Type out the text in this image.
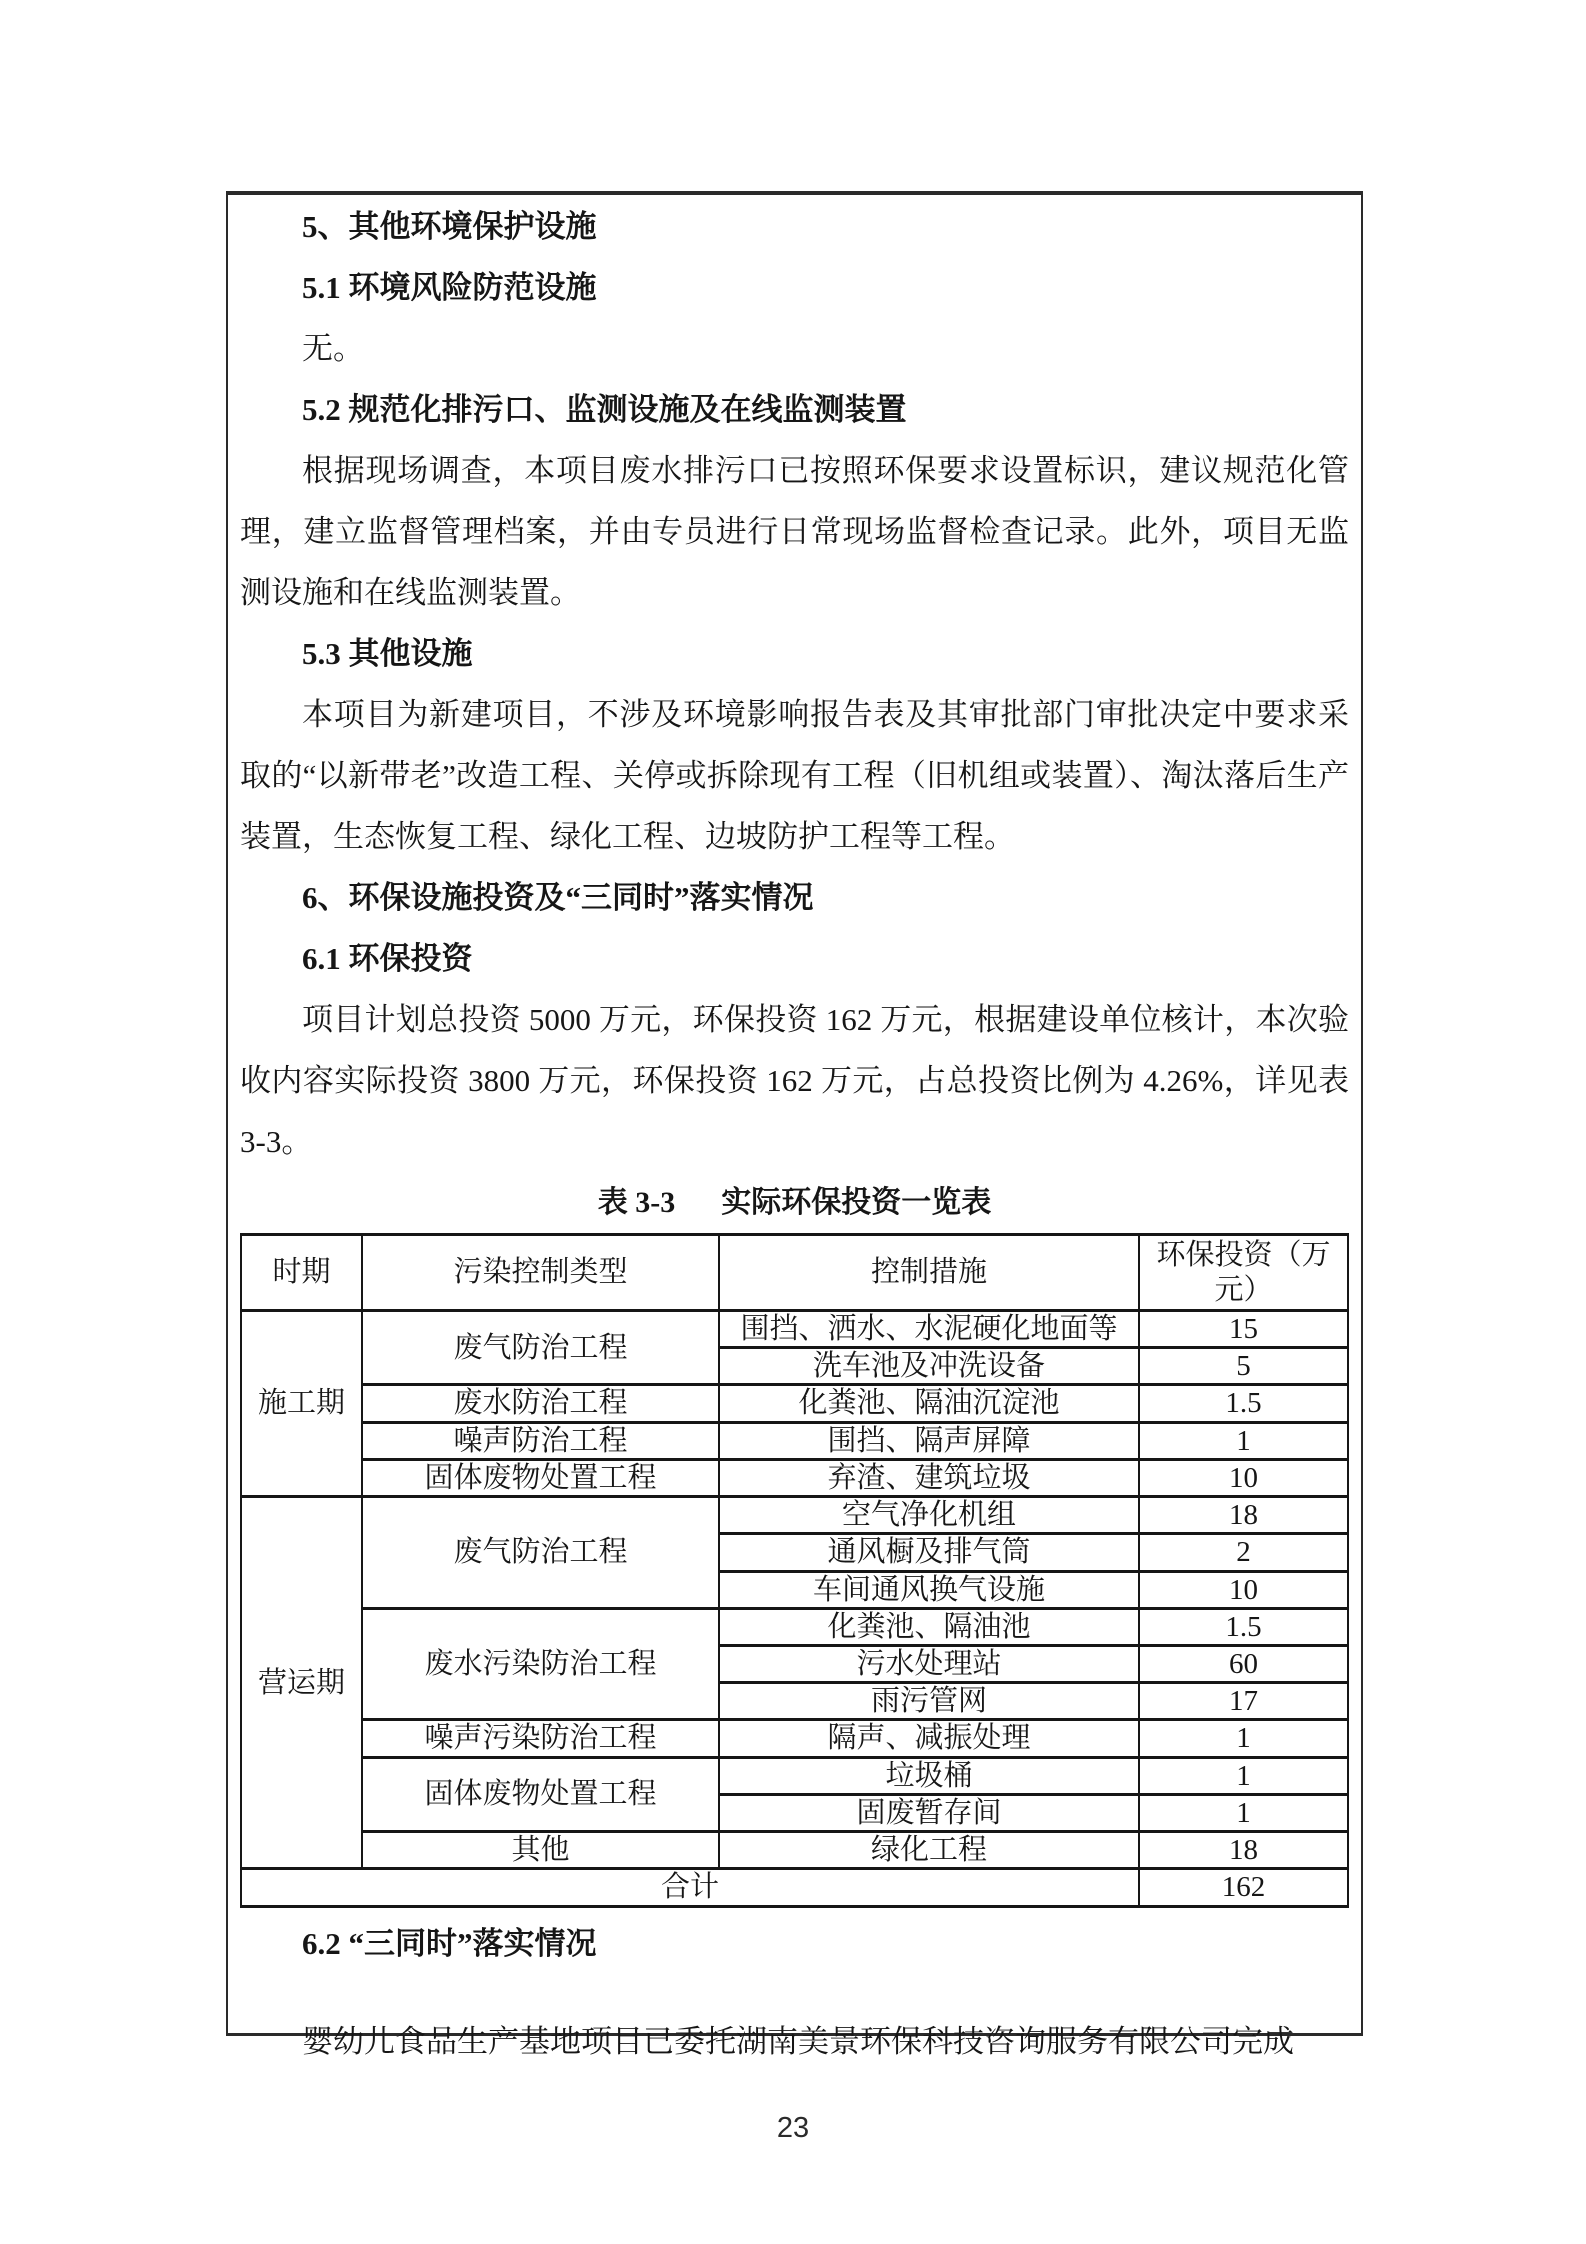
5、其他环境保护设施

5.1 环境风险防范设施

无。

5.2 规范化排污口、监测设施及在线监测装置

根据现场调查，本项目废水排污口已按照环保要求设置标识，建议规范化管理，建立监督管理档案，并由专员进行日常现场监督检查记录。此外，项目无监测设施和在线监测装置。

5.3 其他设施

本项目为新建项目，不涉及环境影响报告表及其审批部门审批决定中要求采取的“以新带老”改造工程、关停或拆除现有工程（旧机组或装置）、淘汰落后生产装置，生态恢复工程、绿化工程、边坡防护工程等工程。

6、环保设施投资及“三同时”落实情况

6.1 环保投资

项目计划总投资 5000 万元，环保投资 162 万元，根据建设单位核计，本次验收内容实际投资 3800 万元，环保投资 162 万元，占总投资比例为 4.26%，详见表 3-3。

表 3-3 实际环保投资一览表
时期	污染控制类型	控制措施	环保投资（万元）
施工期	废气防治工程	围挡、洒水、水泥硬化地面等	15
		洗车池及冲洗设备	5
	废水防治工程	化粪池、隔油沉淀池	1.5
	噪声防治工程	围挡、隔声屏障	1
	固体废物处置工程	弃渣、建筑垃圾	10
营运期	废气防治工程	空气净化机组	18
		通风橱及排气筒	2
		车间通风换气设施	10
	废水污染防治工程	化粪池、隔油池	1.5
		污水处理站	60
		雨污管网	17
	噪声污染防治工程	隔声、减振处理	1
	固体废物处置工程	垃圾桶	1
		固废暂存间	1
	其他	绿化工程	18
合计			162

6.2 “三同时”落实情况

婴幼儿食品生产基地项目已委托湖南美景环保科技咨询服务有限公司完成

23
